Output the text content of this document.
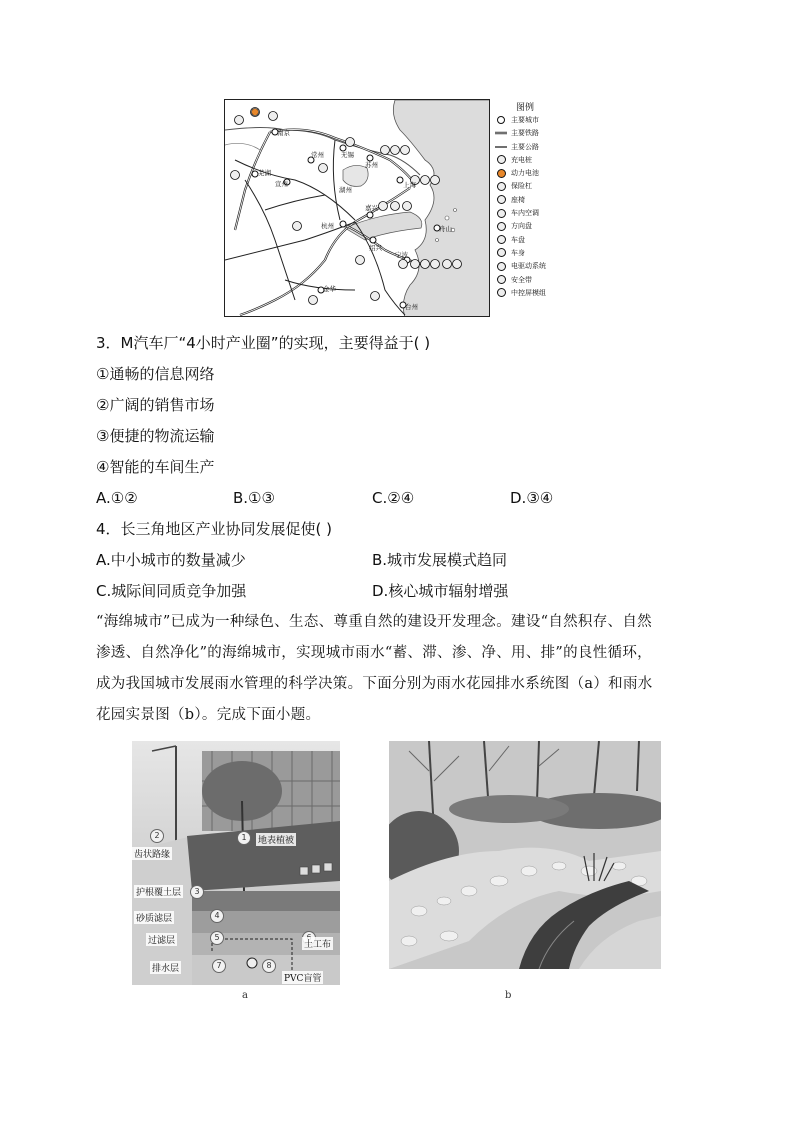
南京
常州	无锡
苏州
芜湖
宣州
湖州
嘉兴
上海
杭州
绍兴
宁波
舟山
金华
台州
图例
主要城市
主要铁路
主要公路
充电桩
动力电池
保险杠
座椅
车内空调
方向盘
车盘
车身
电驱动系统
安全带
中控屏模组
3．M汽车厂“4小时产业圈”的实现，主要得益于( )
①通畅的信息网络
②广阔的销售市场
③便捷的物流运输
④智能的车间生产
A.①②	B.①③	C.②④	D.③④
4．长三角地区产业协同发展促使( )
A.中小城市的数量减少	B.城市发展模式趋同
C.城际间同质竞争加强	D.核心城市辐射增强
“海绵城市”已成为一种绿色、生态、尊重自然的建设开发理念。建设“自然积存、自然
渗透、自然净化”的海绵城市，实现城市雨水“蓄、滞、渗、净、用、排”的良性循环，
成为我国城市发展雨水管理的科学决策。下面分别为雨水花园排水系统图（a）和雨水
花园实景图（b）。完成下面小题。
1
2
3
4
5
7	8
齿状路缘
地表植被
护根覆土层
砂质滤层
过滤层	土工布
排水层
PVC盲管
a	b
